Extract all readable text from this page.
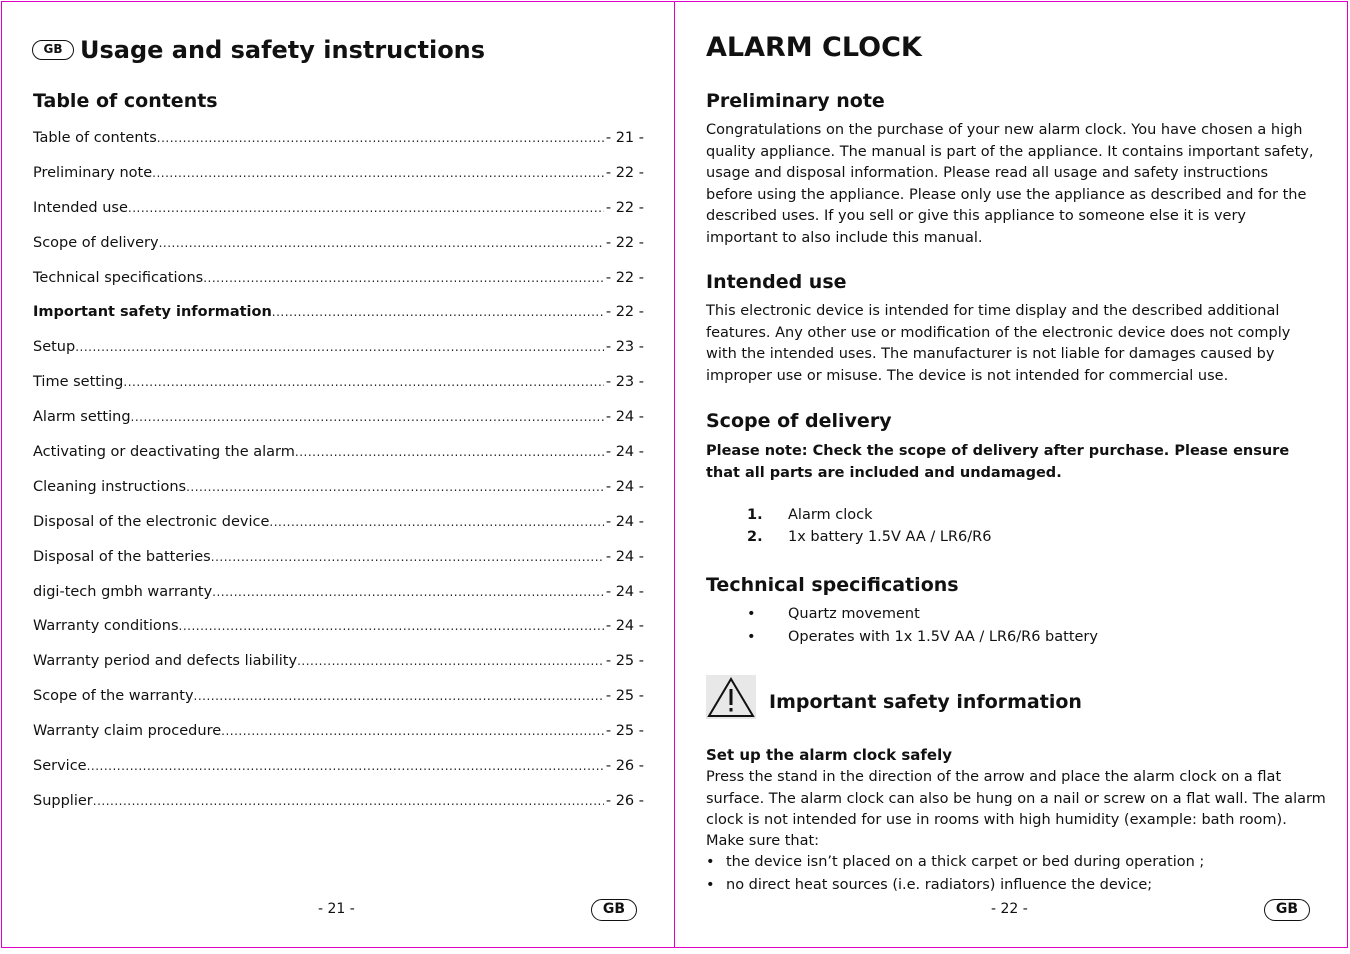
GB Usage and safety instructions
Table of contents
Table of contents .....	- 21 -
Preliminary note .....	- 22 -
Intended use .....	- 22 -
Scope of delivery .....	- 22 -
Technical specifications .....	- 22 -
Important safety information .....	- 22 -
Setup .....	- 23 -
Time setting .....	- 23 -
Alarm setting .....	- 24 -
Activating or deactivating the alarm .....	- 24 -
Cleaning instructions .....	- 24 -
Disposal of the electronic device .....	- 24 -
Disposal of the batteries .....	- 24 -
digi-tech gmbh warranty .....	- 24 -
Warranty conditions .....	- 24 -
Warranty period and defects liability .....	- 25 -
Scope of the warranty .....	- 25 -
Warranty claim procedure .....	- 25 -
Service .....	- 26 -
Supplier .....	- 26 -
- 21 -	GB
ALARM CLOCK
Preliminary note

Congratulations on the purchase of your new alarm clock. You have chosen a high quality appliance. The manual is part of the appliance. It contains important safety, usage and disposal information. Please read all usage and safety instructions before using the appliance. Please only use the appliance as described and for the described uses. If you sell or give this appliance to someone else it is very important to also include this manual.

Intended use

This electronic device is intended for time display and the described additional features. Any other use or modification of the electronic device does not comply with the intended uses. The manufacturer is not liable for damages caused by improper use or misuse. The device is not intended for commercial use.

Scope of delivery

Please note: Check the scope of delivery after purchase. Please ensure that all parts are included and undamaged.

1.	Alarm clock
2.	1x battery 1.5V AA / LR6/R6
Technical specifications
•	Quartz movement
•	Operates with 1x 1.5V AA / LR6/R6 battery
Important safety information
Set up the alarm clock safely

Press the stand in the direction of the arrow and place the alarm clock on a flat surface. The alarm clock can also be hung on a nail or screw on a flat wall. The alarm clock is not intended for use in rooms with high humidity (example: bath room).

Make sure that:

• the device isn’t placed on a thick carpet or bed during operation ;
• no direct heat sources (i.e. radiators) influence the device;
- 22 -	GB
